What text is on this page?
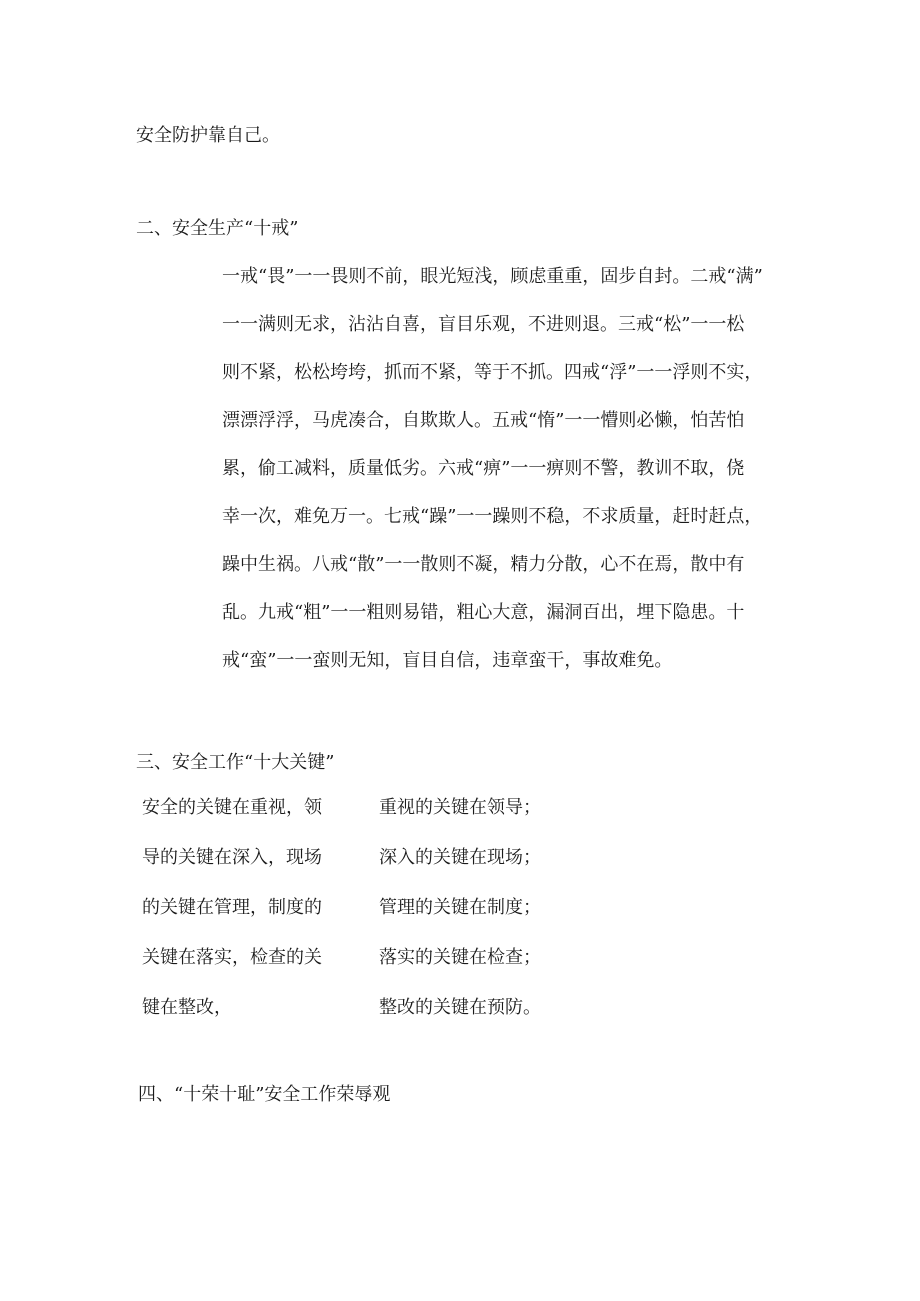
安全防护靠自己。
二、安全生产“十戒”
一戒“畏”一一畏则不前，眼光短浅，顾虑重重，固步自封。二戒“满”
一一满则无求，沾沾自喜，盲目乐观，不进则退。三戒“松”一一松
则不紧，松松垮垮，抓而不紧，等于不抓。四戒“浮”一一浮则不实，
漂漂浮浮，马虎凑合，自欺欺人。五戒“惰”一一懵则必懒，怕苦怕
累，偷工减料，质量低劣。六戒“痹”一一痹则不警，教训不取，侥
幸一次，难免万一。七戒“躁”一一躁则不稳，不求质量，赶时赶点，
躁中生祸。八戒“散”一一散则不凝，精力分散，心不在焉，散中有
乱。九戒“粗”一一粗则易错，粗心大意，漏洞百出，埋下隐患。十
戒“蛮”一一蛮则无知，盲目自信，违章蛮干，事故难免。
三、安全工作“十大关键”
安全的关键在重视，领
导的关键在深入，现场
的关键在管理，制度的
关键在落实，检查的关
键在整改，
重视的关键在领导；
深入的关键在现场；
管理的关键在制度；
落实的关键在检查；
整改的关键在预防。
四、“十荣十耻”安全工作荣辱观
